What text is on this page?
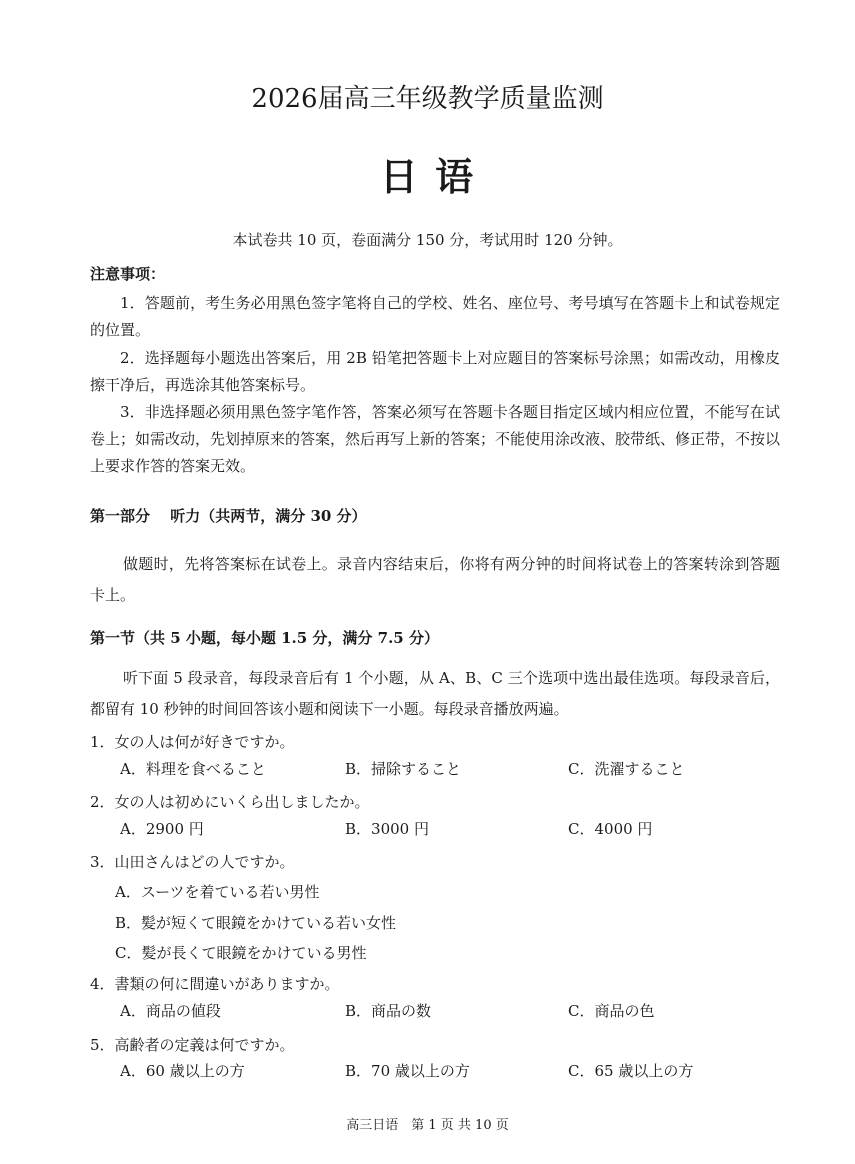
2026届高三年级教学质量监测
日 语
本试卷共 10 页，卷面满分 150 分，考试用时 120 分钟。
注意事项：
1．答题前，考生务必用黑色签字笔将自己的学校、姓名、座位号、考号填写在答题卡上和试卷规定的位置。
2．选择题每小题选出答案后，用 2B 铅笔把答题卡上对应题目的答案标号涂黑；如需改动，用橡皮擦干净后，再选涂其他答案标号。
3．非选择题必须用黑色签字笔作答，答案必须写在答题卡各题目指定区域内相应位置，不能写在试卷上；如需改动，先划掉原来的答案，然后再写上新的答案；不能使用涂改液、胶带纸、修正带，不按以上要求作答的答案无效。
第一部分　 听力（共两节，满分 30 分）
做题时，先将答案标在试卷上。录音内容结束后，你将有两分钟的时间将试卷上的答案转涂到答题卡上。
第一节（共 5 小题，每小题 1.5 分，满分 7.5 分）
听下面 5 段录音，每段录音后有 1 个小题，从 A、B、C 三个选项中选出最佳选项。每段录音后，都留有 10 秒钟的时间回答该小题和阅读下一小题。每段录音播放两遍。
1．女の人は何が好きですか。
A．料理を食べること	B．掃除すること	C．洗濯すること
2．女の人は初めにいくら出しましたか。
A．2900 円	B．3000 円	C．4000 円
3．山田さんはどの人ですか。
A．スーツを着ている若い男性
B．髪が短くて眼鏡をかけている若い女性
C．髪が長くて眼鏡をかけている男性
4．書類の何に間違いがありますか。
A．商品の値段	B．商品の数	C．商品の色
5．高齢者の定義は何ですか。
A．60 歳以上の方	B．70 歳以上の方	C．65 歳以上の方
高三日语　第 1 页 共 10 页
